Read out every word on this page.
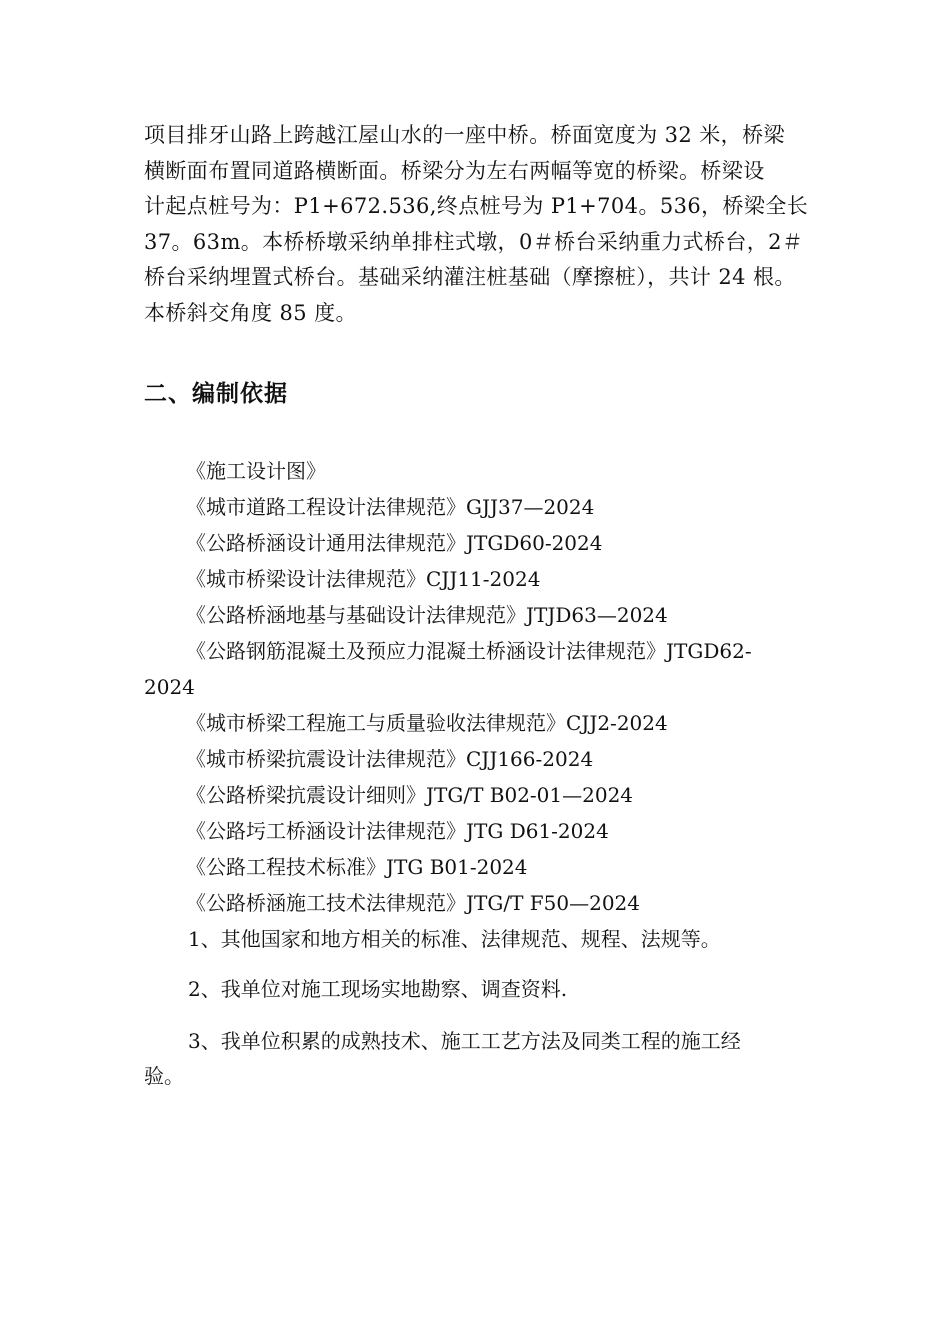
项目排牙山路上跨越江屋山水的一座中桥。桥面宽度为 32 米，桥梁
横断面布置同道路横断面。桥梁分为左右两幅等宽的桥梁。桥梁设
计起点桩号为：P1+672.536,终点桩号为 P1+704。536，桥梁全长
37。63m。本桥桥墩采纳单排柱式墩，0＃桥台采纳重力式桥台，2＃
桥台采纳埋置式桥台。基础采纳灌注桩基础（摩擦桩），共计 24 根。
本桥斜交角度 85 度。
二、编制依据
《施工设计图》
《城市道路工程设计法律规范》GJJ37—2024
《公路桥涵设计通用法律规范》JTGD60-2024
《城市桥梁设计法律规范》CJJ11-2024
《公路桥涵地基与基础设计法律规范》JTJD63—2024
《公路钢筋混凝土及预应力混凝土桥涵设计法律规范》JTGD62-
2024
《城市桥梁工程施工与质量验收法律规范》CJJ2-2024
《城市桥梁抗震设计法律规范》CJJ166-2024
《公路桥梁抗震设计细则》JTG/T B02-01—2024
《公路圬工桥涵设计法律规范》JTG D61-2024
《公路工程技术标准》JTG B01-2024
《公路桥涵施工技术法律规范》JTG/T F50—2024
1、其他国家和地方相关的标准、法律规范、规程、法规等。
2、我单位对施工现场实地勘察、调查资料.
3、我单位积累的成熟技术、施工工艺方法及同类工程的施工经
验。
